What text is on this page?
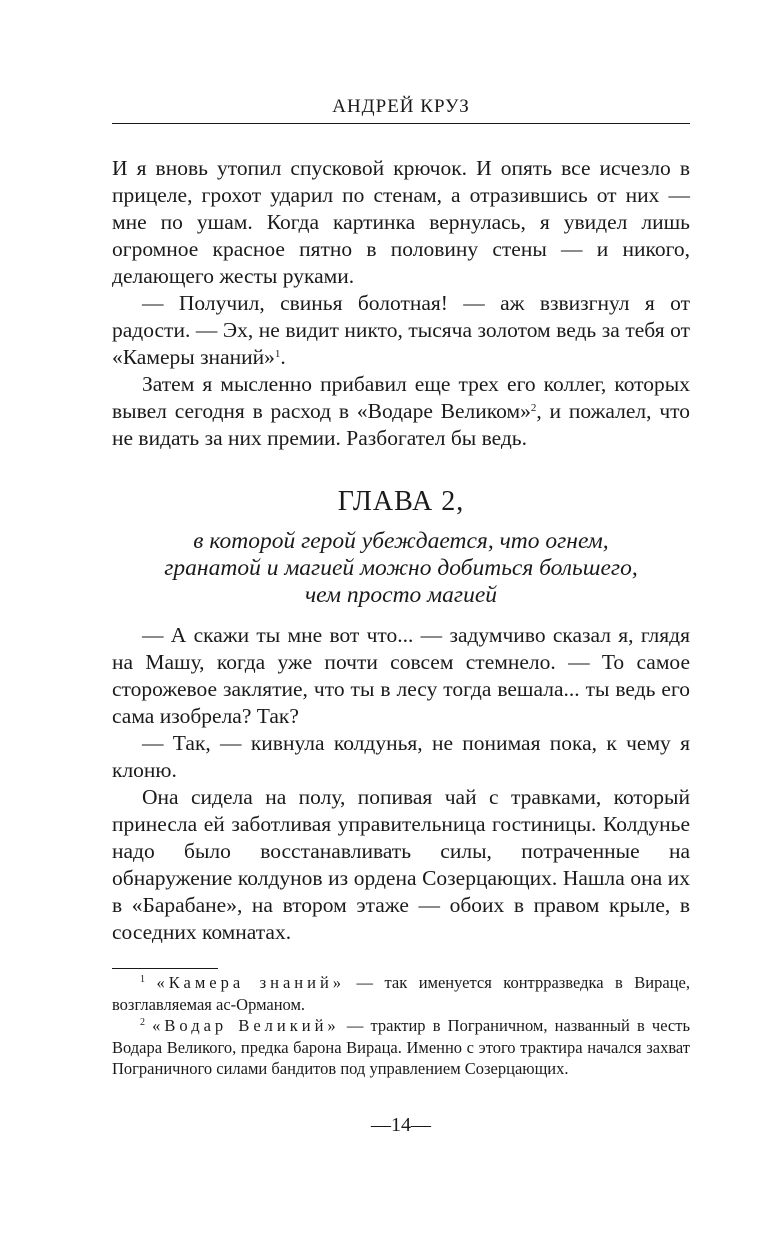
АНДРЕЙ КРУЗ

И я вновь утопил спусковой крючок. И опять все исчезло в прицеле, грохот ударил по стенам, а отразившись от них — мне по ушам. Когда картинка вернулась, я увидел лишь огромное красное пятно в половину стены — и никого, делающего жесты руками.

— Получил, свинья болотная! — аж взвизгнул я от радости. — Эх, не видит никто, тысяча золотом ведь за тебя от «Камеры знаний»$^1$.

Затем я мысленно прибавил еще трех его коллег, которых вывел сегодня в расход в «Водаре Великом»$^2$, и пожалел, что не видать за них премии. Разбогател бы ведь.

ГЛАВА 2,
в которой герой убеждается, что огнем,
гранатой и магией можно добиться большего,
чем просто магией

— А скажи ты мне вот что... — задумчиво сказал я, глядя на Машу, когда уже почти совсем стемнело. — То самое сторожевое заклятие, что ты в лесу тогда вешала... ты ведь его сама изобрела? Так?

— Так, — кивнула колдунья, не понимая пока, к чему я клоню.

Она сидела на полу, попивая чай с травками, который принесла ей заботливая управительница гостиницы. Колдунье надо было восстанавливать силы, потраченные на обнаружение колдунов из ордена Созерцающих. Нашла она их в «Барабане», на втором этаже — обоих в правом крыле, в соседних комнатах.

$^1$ «Камера знаний» — так именуется контрразведка в Вираце, возглавляемая ас-Орманом.

$^2$ «Водар Великий» — трактир в Пограничном, названный в честь Водара Великого, предка барона Вираца. Именно с этого трактира начался захват Пограничного силами бандитов под управлением Созерцающих.

—14—
